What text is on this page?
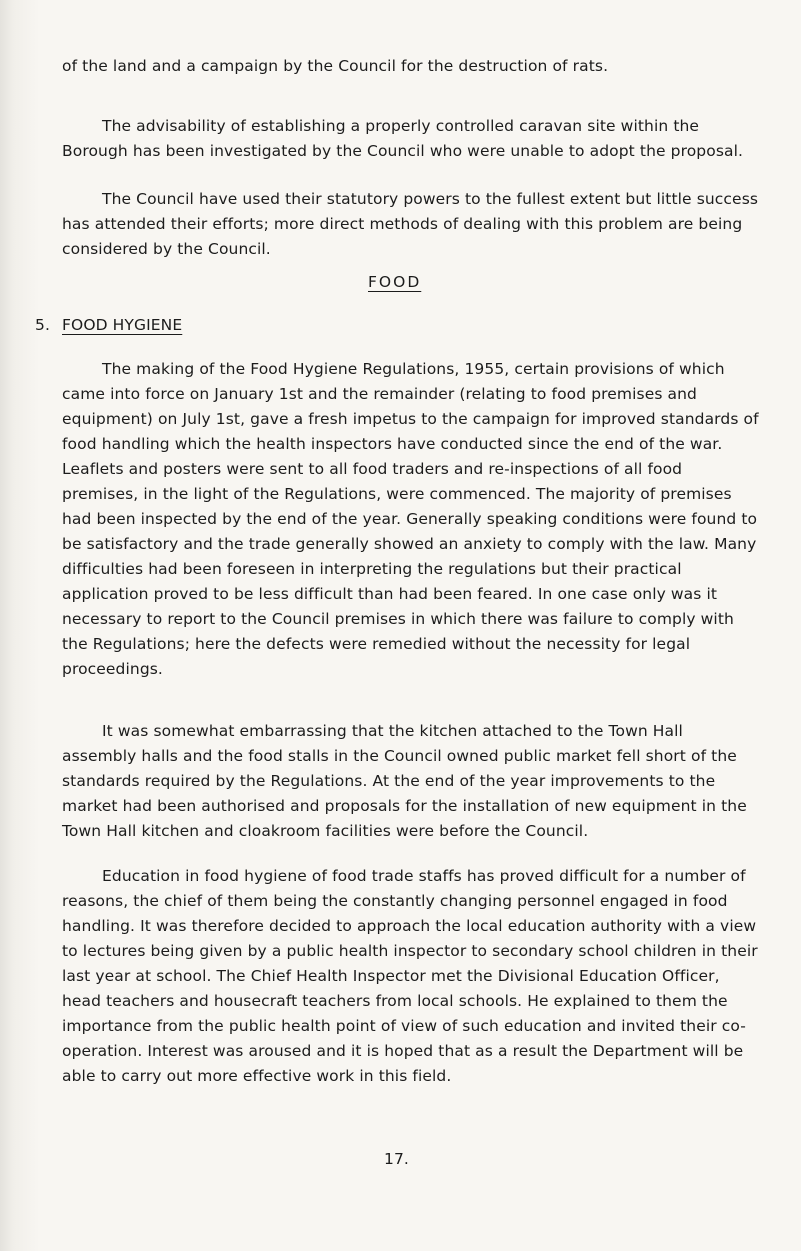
of the land and a campaign by the Council for the destruction of rats.

The advisability of establishing a properly controlled caravan site within the Borough has been investigated by the Council who were unable to adopt the proposal.

The Council have used their statutory powers to the fullest extent but little success has attended their efforts; more direct methods of dealing with this problem are being considered by the Council.

FOOD

5. FOOD HYGIENE

The making of the Food Hygiene Regulations, 1955, certain provisions of which came into force on January 1st and the remainder (relating to food premises and equipment) on July 1st, gave a fresh impetus to the campaign for improved standards of food handling which the health inspectors have conducted since the end of the war. Leaflets and posters were sent to all food traders and re-inspections of all food premises, in the light of the Regulations, were commenced. The majority of premises had been inspected by the end of the year. Generally speaking conditions were found to be satisfactory and the trade generally showed an anxiety to comply with the law. Many difficulties had been foreseen in interpreting the regulations but their practical application proved to be less difficult than had been feared. In one case only was it necessary to report to the Council premises in which there was failure to comply with the Regulations; here the defects were remedied without the necessity for legal proceedings.

It was somewhat embarrassing that the kitchen attached to the Town Hall assembly halls and the food stalls in the Council owned public market fell short of the standards required by the Regulations. At the end of the year improvements to the market had been authorised and proposals for the installation of new equipment in the Town Hall kitchen and cloakroom facilities were before the Council.

Education in food hygiene of food trade staffs has proved difficult for a number of reasons, the chief of them being the constantly changing personnel engaged in food handling. It was therefore decided to approach the local education authority with a view to lectures being given by a public health inspector to secondary school children in their last year at school. The Chief Health Inspector met the Divisional Education Officer, head teachers and housecraft teachers from local schools. He explained to them the importance from the public health point of view of such education and invited their co-operation. Interest was aroused and it is hoped that as a result the Department will be able to carry out more effective work in this field.

17.
